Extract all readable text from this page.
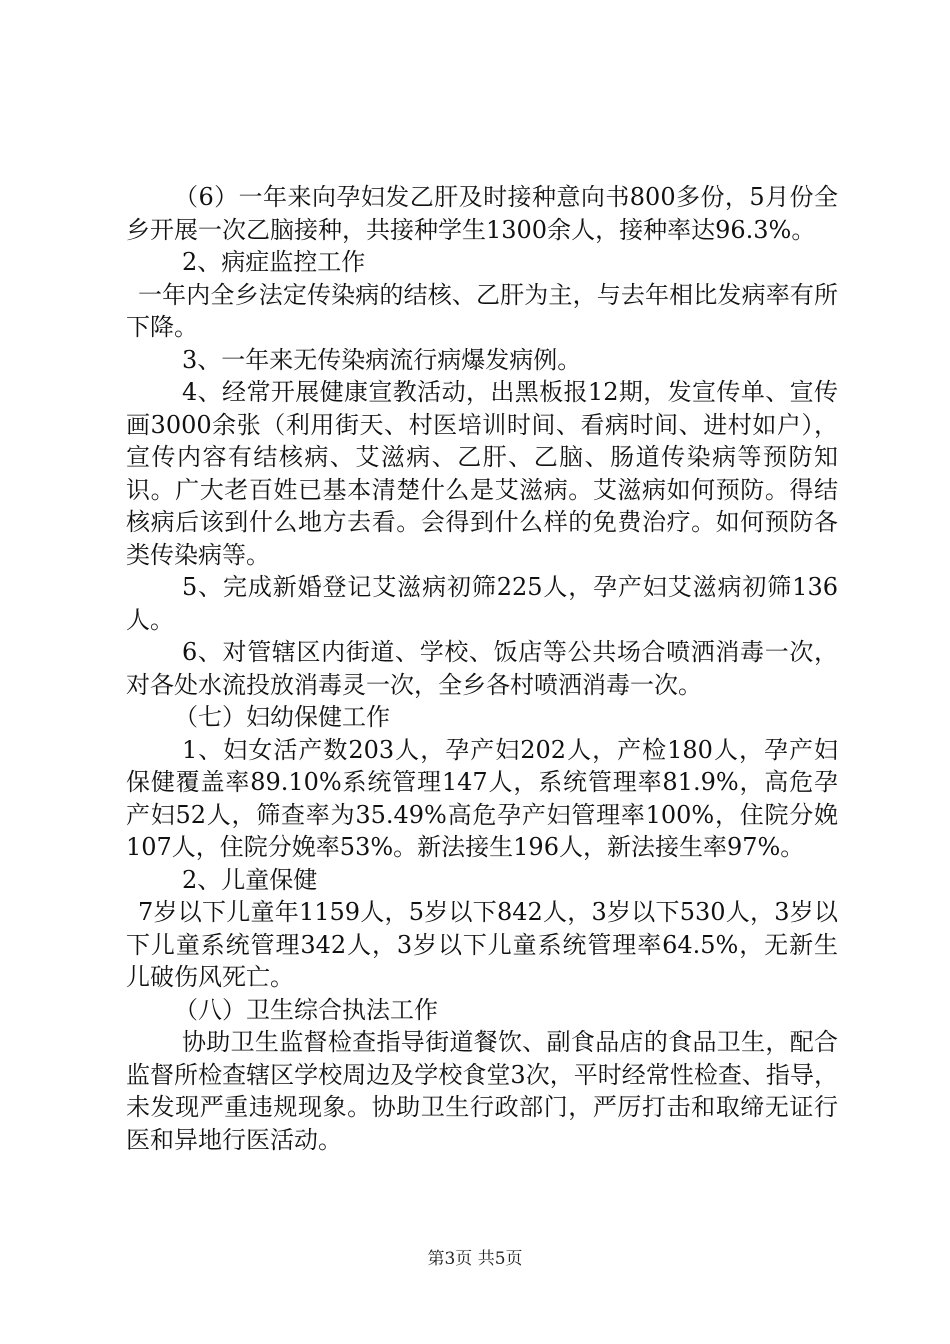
（6）一年来向孕妇发乙肝及时接种意向书800多份，5月份全乡开展一次乙脑接种，共接种学生1300余人，接种率达96.3%。

2、病症监控工作

一年内全乡法定传染病的结核、乙肝为主，与去年相比发病率有所下降。

3、一年来无传染病流行病爆发病例。

4、经常开展健康宣教活动，出黑板报12期，发宣传单、宣传画3000余张（利用街天、村医培训时间、看病时间、进村如户），宣传内容有结核病、艾滋病、乙肝、乙脑、肠道传染病等预防知识。广大老百姓已基本清楚什么是艾滋病。艾滋病如何预防。得结核病后该到什么地方去看。会得到什么样的免费治疗。如何预防各类传染病等。

5、完成新婚登记艾滋病初筛225人，孕产妇艾滋病初筛136人。

6、对管辖区内街道、学校、饭店等公共场合喷洒消毒一次，对各处水流投放消毒灵一次，全乡各村喷洒消毒一次。

（七）妇幼保健工作

1、妇女活产数203人，孕产妇202人，产检180人，孕产妇保健覆盖率89.10%系统管理147人，系统管理率81.9%，高危孕产妇52人，筛查率为35.49%高危孕产妇管理率100%，住院分娩107人，住院分娩率53%。新法接生196人，新法接生率97%。

2、儿童保健

7岁以下儿童年1159人，5岁以下842人，3岁以下530人，3岁以下儿童系统管理342人，3岁以下儿童系统管理率64.5%，无新生儿破伤风死亡。

（八）卫生综合执法工作

协助卫生监督检查指导街道餐饮、副食品店的食品卫生，配合监督所检查辖区学校周边及学校食堂3次，平时经常性检查、指导，未发现严重违规现象。协助卫生行政部门，严厉打击和取缔无证行医和异地行医活动。

第3页 共5页
